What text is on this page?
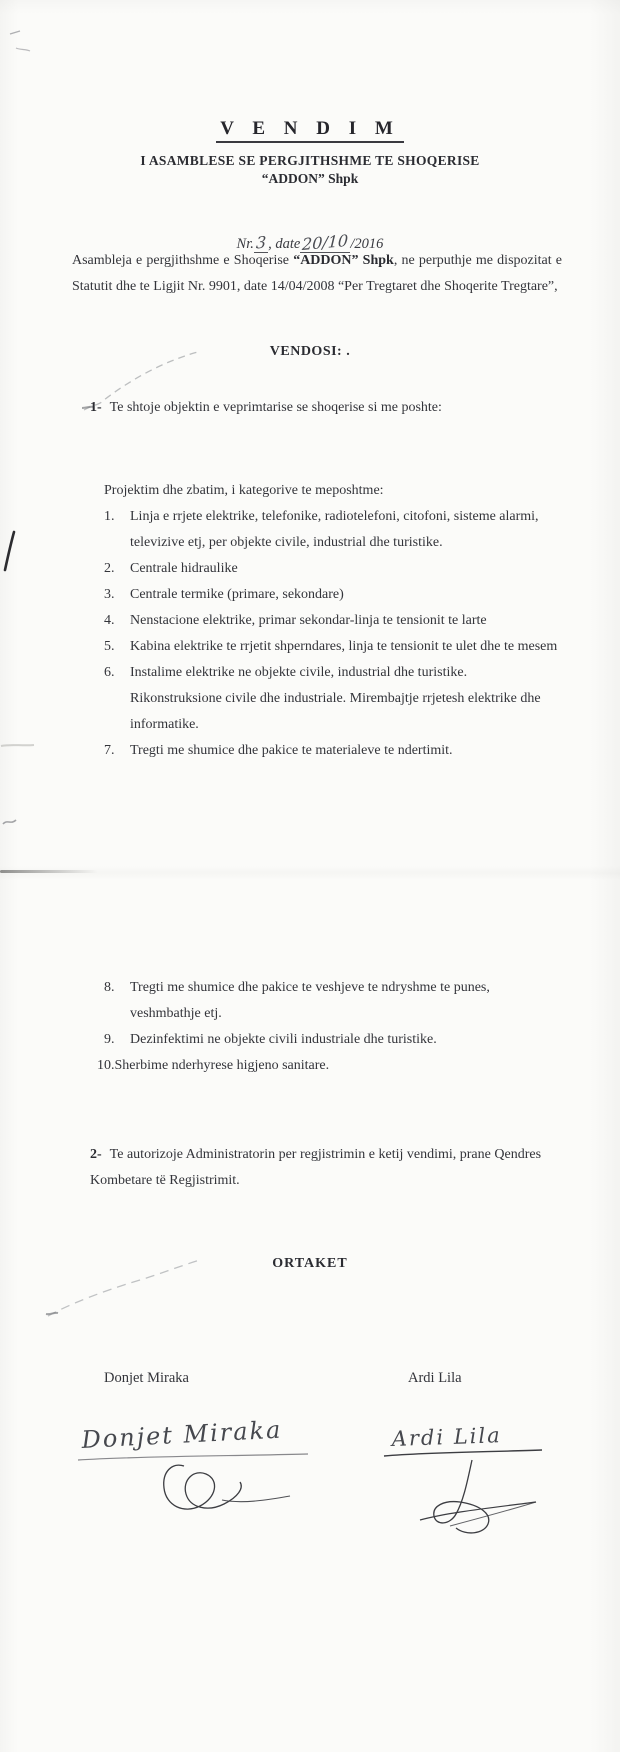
V E N D I M

I ASAMBLESE SE PERGJITHSHME TE SHOQERISE

“ADDON” Shpk

Nr.3 , date20/10 /2016

Asambleja e pergjithshme e Shoqerise “ADDON” Shpk, ne perputhje me dispozitat e Statutit dhe te Ligjit Nr. 9901, date 14/04/2008 “Per Tregtaret dhe Shoqerite Tregtare”,

VENDOSI: .

1- Te shtoje objektin e veprimtarise se shoqerise si me poshte:

Projektim dhe zbatim, i kategorive te meposhtme:

1.	Linja e rrjete elektrike, telefonike, radiotelefoni, citofoni, sisteme alarmi, televizive etj, per objekte civile, industrial dhe turistike.
2.	Centrale hidraulike
3.	Centrale termike (primare, sekondare)
4.	Nenstacione elektrike, primar sekondar-linja te tensionit te larte
5.	Kabina elektrike te rrjetit shperndares, linja te tensionit te ulet dhe te mesem
6.	Instalime elektrike ne objekte civile, industrial dhe turistike. Rikonstruksione civile dhe industriale. Mirembajtje rrjetesh elektrike dhe informatike.
7.	Tregti me shumice dhe pakice te materialeve te ndertimit.
8.	Tregti me shumice dhe pakice te veshjeve te ndryshme te punes, veshmbathje etj.
9.	Dezinfektimi ne objekte civili industriale dhe turistike.
10. Sherbime nderhyrese higjeno sanitare.
2- Te autorizoje Administratorin per regjistrimin e ketij vendimi, prane Qendres Kombetare të Regjistrimit.

ORTAKET

Donjet Miraka	Ardi Lila
Donjet Miraka	Ardi Lila
